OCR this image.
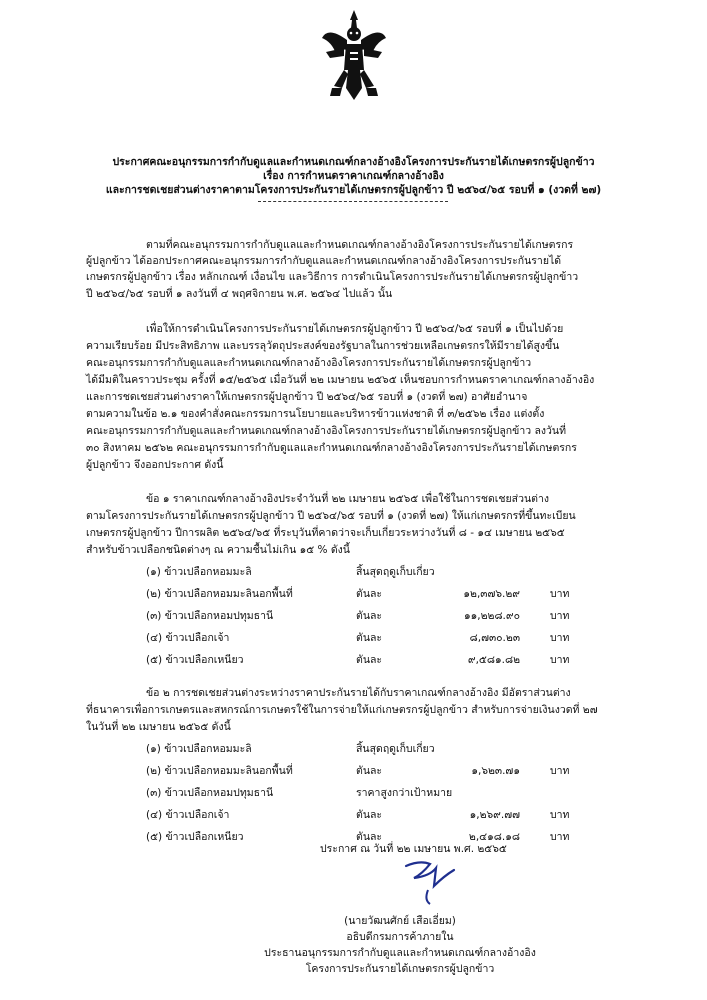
ประกาศคณะอนุกรรมการกำกับดูแลและกำหนดเกณฑ์กลางอ้างอิงโครงการประกันรายได้เกษตรกรผู้ปลูกข้าว
เรื่อง การกำหนดราคาเกณฑ์กลางอ้างอิง
และการชดเชยส่วนต่างราคาตามโครงการประกันรายได้เกษตรกรผู้ปลูกข้าว ปี ๒๕๖๔/๖๕ รอบที่ ๑ (งวดที่ ๒๗)
ตามที่คณะอนุกรรมการกำกับดูแลและกำหนดเกณฑ์กลางอ้างอิงโครงการประกันรายได้เกษตรกร
ผู้ปลูกข้าว ได้ออกประกาศคณะอนุกรรมการกำกับดูแลและกำหนดเกณฑ์กลางอ้างอิงโครงการประกันรายได้
เกษตรกรผู้ปลูกข้าว เรื่อง หลักเกณฑ์ เงื่อนไข และวิธีการ การดำเนินโครงการประกันรายได้เกษตรกรผู้ปลูกข้าว
ปี ๒๕๖๔/๖๕ รอบที่ ๑ ลงวันที่ ๔ พฤศจิกายน พ.ศ. ๒๕๖๔ ไปแล้ว นั้น
เพื่อให้การดำเนินโครงการประกันรายได้เกษตรกรผู้ปลูกข้าว ปี ๒๕๖๔/๖๕ รอบที่ ๑ เป็นไปด้วย
ความเรียบร้อย มีประสิทธิภาพ และบรรลุวัตถุประสงค์ของรัฐบาลในการช่วยเหลือเกษตรกรให้มีรายได้สูงขึ้น
คณะอนุกรรมการกำกับดูแลและกำหนดเกณฑ์กลางอ้างอิงโครงการประกันรายได้เกษตรกรผู้ปลูกข้าว
ได้มีมติในคราวประชุม ครั้งที่ ๑๕/๒๕๖๕ เมื่อวันที่ ๒๒ เมษายน ๒๕๖๕ เห็นชอบการกำหนดราคาเกณฑ์กลางอ้างอิง
และการชดเชยส่วนต่างราคาให้เกษตรกรผู้ปลูกข้าว ปี ๒๕๖๔/๖๕ รอบที่ ๑ (งวดที่ ๒๗) อาศัยอำนาจ
ตามความในข้อ ๒.๑ ของคำสั่งคณะกรรมการนโยบายและบริหารข้าวแห่งชาติ ที่ ๓/๒๕๖๒ เรื่อง แต่งตั้ง
คณะอนุกรรมการกำกับดูแลและกำหนดเกณฑ์กลางอ้างอิงโครงการประกันรายได้เกษตรกรผู้ปลูกข้าว ลงวันที่
๓๐ สิงหาคม ๒๕๖๒ คณะอนุกรรมการกำกับดูแลและกำหนดเกณฑ์กลางอ้างอิงโครงการประกันรายได้เกษตรกร
ผู้ปลูกข้าว จึงออกประกาศ ดังนี้
ข้อ ๑ ราคาเกณฑ์กลางอ้างอิงประจำวันที่ ๒๒ เมษายน ๒๕๖๕ เพื่อใช้ในการชดเชยส่วนต่าง
ตามโครงการประกันรายได้เกษตรกรผู้ปลูกข้าว ปี ๒๕๖๔/๖๕ รอบที่ ๑ (งวดที่ ๒๗) ให้แก่เกษตรกรที่ขึ้นทะเบียน
เกษตรกรผู้ปลูกข้าว ปีการผลิต ๒๕๖๔/๖๕ ที่ระบุวันที่คาดว่าจะเก็บเกี่ยวระหว่างวันที่ ๘ - ๑๔ เมษายน ๒๕๖๕
สำหรับข้าวเปลือกชนิดต่างๆ ณ ความชื้นไม่เกิน ๑๕ % ดังนี้
(๑) ข้าวเปลือกหอมมะลิ	สิ้นสุดฤดูเก็บเกี่ยว
(๒) ข้าวเปลือกหอมมะลินอกพื้นที่	ตันละ	๑๒,๓๗๖.๒๙	บาท
(๓) ข้าวเปลือกหอมปทุมธานี	ตันละ	๑๑,๒๒๘.๙๐	บาท
(๔) ข้าวเปลือกเจ้า	ตันละ	๘,๗๓๐.๒๓	บาท
(๕) ข้าวเปลือกเหนียว	ตันละ	๙,๕๘๑.๘๒	บาท
ข้อ ๒ การชดเชยส่วนต่างระหว่างราคาประกันรายได้กับราคาเกณฑ์กลางอ้างอิง มีอัตราส่วนต่าง
ที่ธนาคารเพื่อการเกษตรและสหกรณ์การเกษตรใช้ในการจ่ายให้แก่เกษตรกรผู้ปลูกข้าว สำหรับการจ่ายเงินงวดที่ ๒๗
ในวันที่ ๒๒ เมษายน ๒๕๖๕ ดังนี้
(๑) ข้าวเปลือกหอมมะลิ	สิ้นสุดฤดูเก็บเกี่ยว
(๒) ข้าวเปลือกหอมมะลินอกพื้นที่	ตันละ	๑,๖๒๓.๗๑	บาท
(๓) ข้าวเปลือกหอมปทุมธานี	ราคาสูงกว่าเป้าหมาย
(๔) ข้าวเปลือกเจ้า	ตันละ	๑,๒๖๙.๗๗	บาท
(๕) ข้าวเปลือกเหนียว	ตันละ	๒,๔๑๘.๑๘	บาท
ประกาศ ณ วันที่ ๒๒ เมษายน พ.ศ. ๒๕๖๕
(นายวัฒนศักย์ เสือเอี่ยม)
อธิบดีกรมการค้าภายใน
ประธานอนุกรรมการกำกับดูแลและกำหนดเกณฑ์กลางอ้างอิง
โครงการประกันรายได้เกษตรกรผู้ปลูกข้าว
